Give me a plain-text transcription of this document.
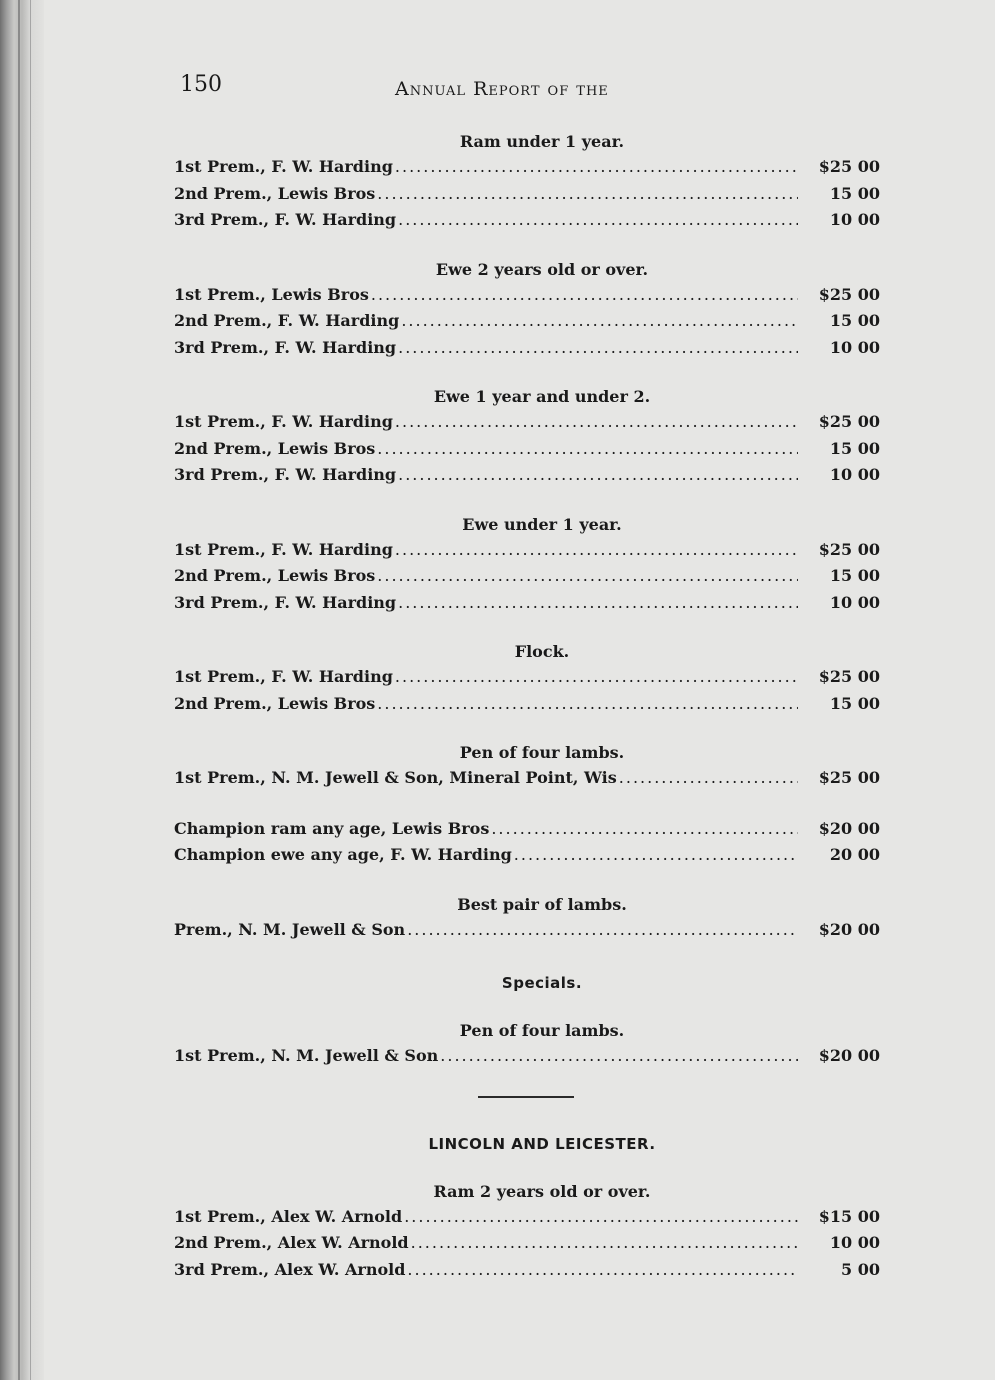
150	Annual Report of the
Ram under 1 year.
1st Prem., F. W. Harding .....	$25 00
2nd Prem., Lewis Bros .....	15 00
3rd Prem., F. W. Harding .....	10 00
Ewe 2 years old or over.
1st Prem., Lewis Bros .....	$25 00
2nd Prem., F. W. Harding .....	15 00
3rd Prem., F. W. Harding .....	10 00
Ewe 1 year and under 2.
1st Prem., F. W. Harding .....	$25 00
2nd Prem., Lewis Bros .....	15 00
3rd Prem., F. W. Harding .....	10 00
Ewe under 1 year.
1st Prem., F. W. Harding .....	$25 00
2nd Prem., Lewis Bros .....	15 00
3rd Prem., F. W. Harding .....	10 00
Flock.
1st Prem., F. W. Harding .....	$25 00
2nd Prem., Lewis Bros .....	15 00
Pen of four lambs.
1st Prem., N. M. Jewell & Son, Mineral Point, Wis .....	$25 00
Champion ram any age, Lewis Bros .....	$20 00
Champion ewe any age, F. W. Harding .....	20 00
Best pair of lambs.
Prem., N. M. Jewell & Son .....	$20 00
Specials.
Pen of four lambs.
1st Prem., N. M. Jewell & Son .....	$20 00
LINCOLN AND LEICESTER.
Ram 2 years old or over.
1st Prem., Alex W. Arnold .....	$15 00
2nd Prem., Alex W. Arnold .....	10 00
3rd Prem., Alex W. Arnold .....	5 00
